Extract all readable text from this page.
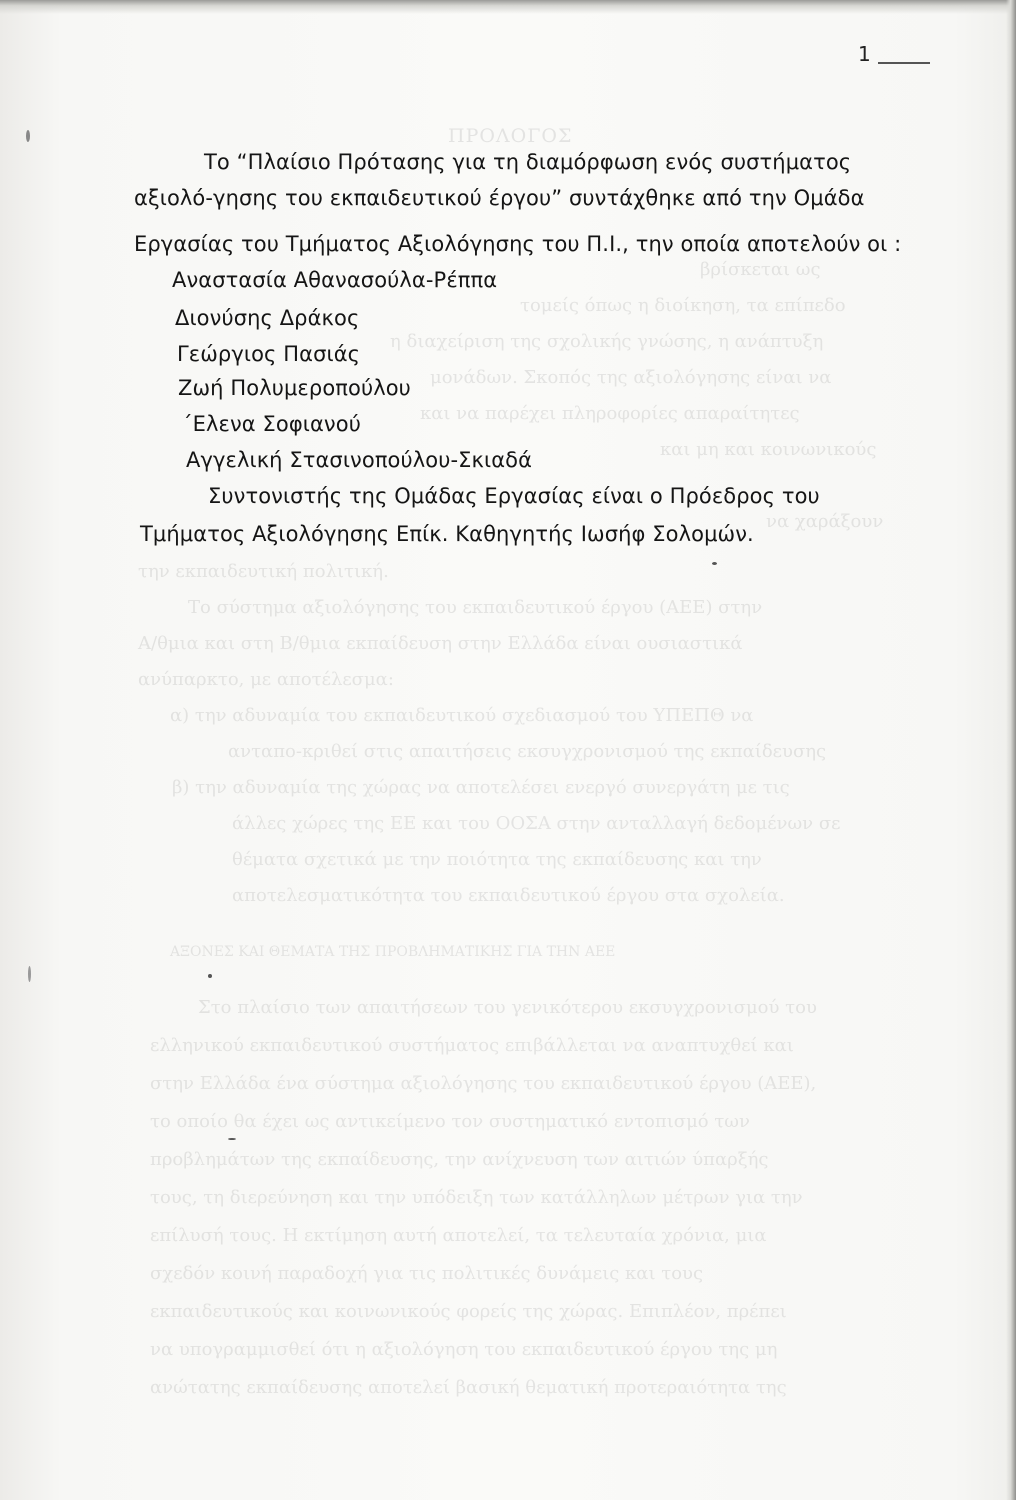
ΠΡΟΛΟΓΟΣ
βρίσκεται ως
τομείς όπως η διοίκηση, τα επίπεδο
η διαχείριση της σχολικής γνώσης, η ανάπτυξη
μονάδων. Σκοπός της αξιολόγησης είναι να
και να παρέχει πληροφορίες απαραίτητες
και μη και κοινωνικούς
να χαράξουν
την εκπαιδευτική πολιτική.
Το σύστημα αξιολόγησης του εκπαιδευτικού έργου (ΑΕΕ) στην
Α/θμια και στη Β/θμια εκπαίδευση στην Ελλάδα είναι ουσιαστικά
ανύπαρκτο, με αποτέλεσμα:
α) την αδυναμία του εκπαιδευτικού σχεδιασμού του ΥΠΕΠΘ να
ανταπο-κριθεί στις απαιτήσεις εκσυγχρονισμού της εκπαίδευσης
β) την αδυναμία της χώρας να αποτελέσει ενεργό συνεργάτη με τις
άλλες χώρες της ΕΕ και του ΟΟΣΑ στην ανταλλαγή δεδομένων σε
θέματα σχετικά με την ποιότητα της εκπαίδευσης και την
αποτελεσματικότητα του εκπαιδευτικού έργου στα σχολεία.
ΑΞΟΝΕΣ ΚΑΙ ΘΕΜΑΤΑ ΤΗΣ ΠΡΟΒΛΗΜΑΤΙΚΗΣ ΓΙΑ ΤΗΝ ΑΕΕ
Στο πλαίσιο των απαιτήσεων του γενικότερου εκσυγχρονισμού του
ελληνικού εκπαιδευτικού συστήματος επιβάλλεται να αναπτυχθεί και
στην Ελλάδα ένα σύστημα αξιολόγησης του εκπαιδευτικού έργου (ΑΕΕ),
το οποίο θα έχει ως αντικείμενο τον συστηματικό εντοπισμό των
προβλημάτων της εκπαίδευσης, την ανίχνευση των αιτιών ύπαρξής
τους, τη διερεύνηση και την υπόδειξη των κατάλληλων μέτρων για την
επίλυσή τους. Η εκτίμηση αυτή αποτελεί, τα τελευταία χρόνια, μια
σχεδόν κοινή παραδοχή για τις πολιτικές δυνάμεις και τους
εκπαιδευτικούς και κοινωνικούς φορείς της χώρας. Επιπλέον, πρέπει
να υπογραμμισθεί ότι η αξιολόγηση του εκπαιδευτικού έργου της μη
ανώτατης εκπαίδευσης αποτελεί βασική θεματική προτεραιότητα της
1
Το “Πλαίσιο Πρότασης για τη διαμόρφωση ενός συστήματος
αξιολό-γησης του εκπαιδευτικού έργου” συντάχθηκε από την Ομάδα
Εργασίας του Τμήματος Αξιολόγησης του Π.Ι., την οποία αποτελούν οι :
Αναστασία Αθανασούλα-Ρέππα
Διονύσης Δράκος
Γεώργιος Πασιάς
Ζωή Πολυμεροπούλου
΄Ελενα Σοφιανού
Αγγελική Στασινοπούλου-Σκιαδά
Συντονιστής της Ομάδας Εργασίας είναι ο Πρόεδρος του
Τμήματος Αξιολόγησης Επίκ. Καθηγητής Ιωσήφ Σολομών.
